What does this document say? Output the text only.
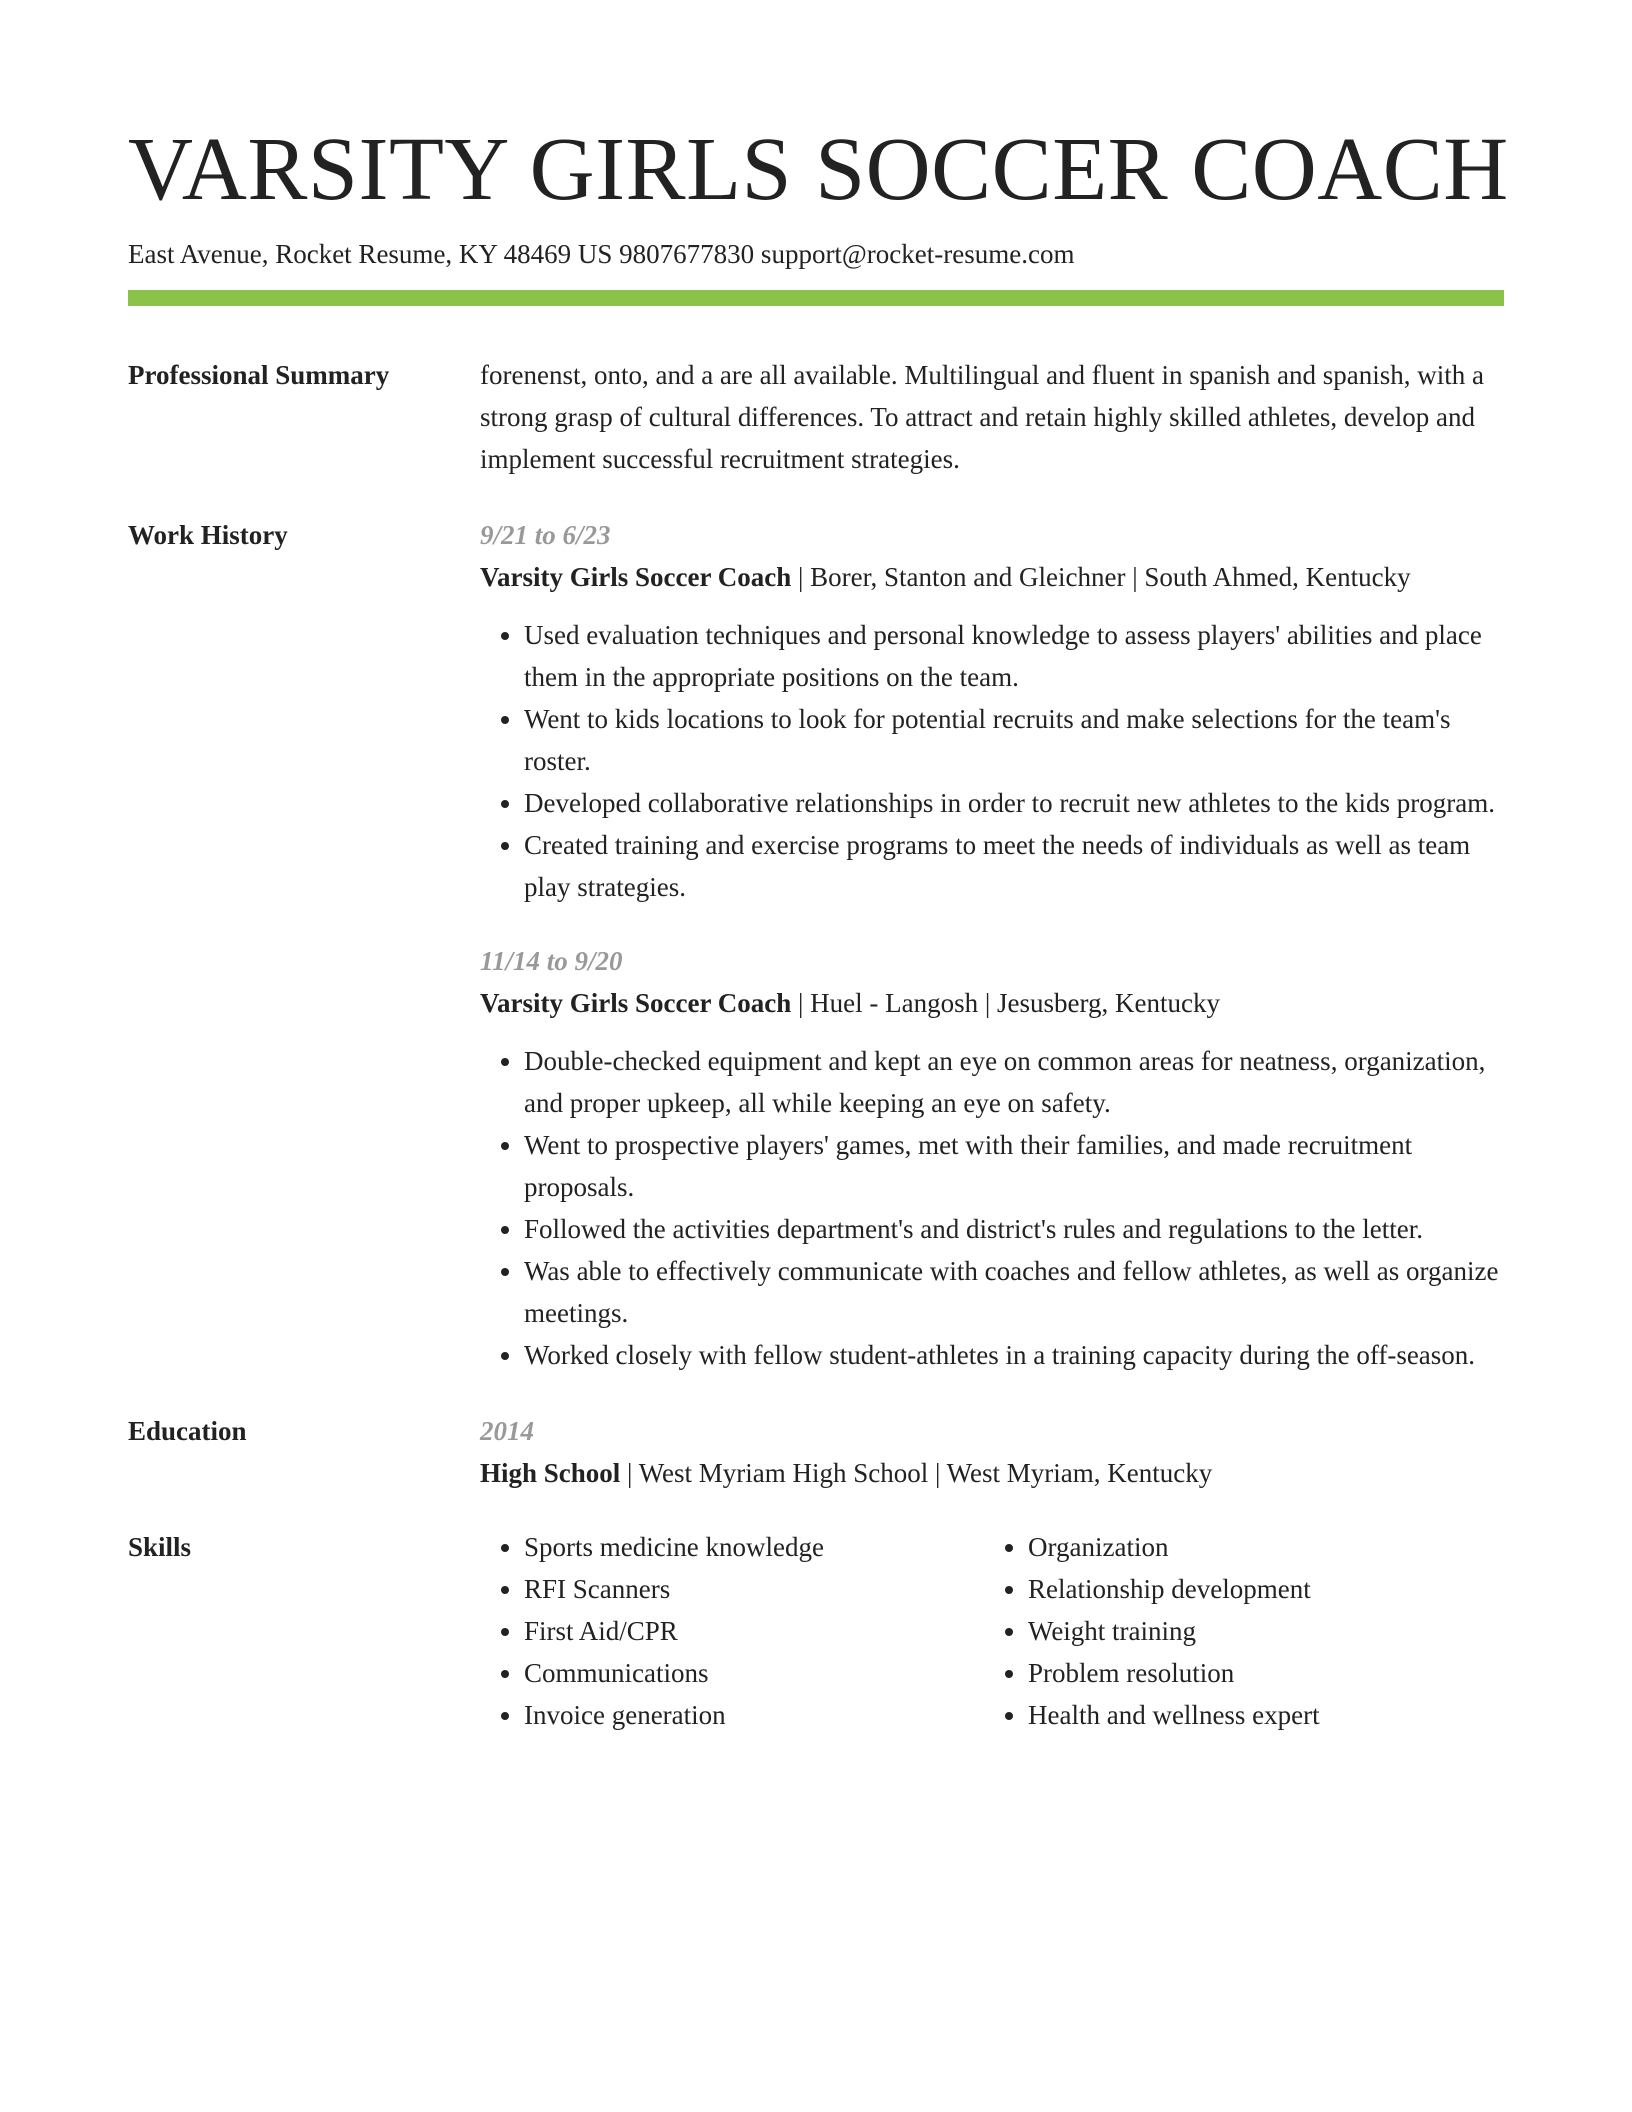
VARSITY GIRLS SOCCER COACH
East Avenue, Rocket Resume, KY 48469 US 9807677830 support@rocket-resume.com
Professional Summary	forenenst, onto, and a are all available. Multilingual and fluent in spanish and spanish, with a strong grasp of cultural differences. To attract and retain highly skilled athletes, develop and implement successful recruitment strategies.
Work History	9/21 to 6/23
Varsity Girls Soccer Coach | Borer, Stanton and Gleichner | South Ahmed, Kentucky
• Used evaluation techniques and personal knowledge to assess players' abilities and place them in the appropriate positions on the team.
• Went to kids locations to look for potential recruits and make selections for the team's roster.
• Developed collaborative relationships in order to recruit new athletes to the kids program.
• Created training and exercise programs to meet the needs of individuals as well as team play strategies.
11/14 to 9/20
Varsity Girls Soccer Coach | Huel - Langosh | Jesusberg, Kentucky
• Double-checked equipment and kept an eye on common areas for neatness, organization, and proper upkeep, all while keeping an eye on safety.
• Went to prospective players' games, met with their families, and made recruitment proposals.
• Followed the activities department's and district's rules and regulations to the letter.
• Was able to effectively communicate with coaches and fellow athletes, as well as organize meetings.
• Worked closely with fellow student-athletes in a training capacity during the off-season.
Education	2014
High School | West Myriam High School | West Myriam, Kentucky
Skills
•	Sports medicine knowledge
• RFI Scanners
• First Aid/CPR
• Communications
• Invoice generation
• Organization
• Relationship development
• Weight training
• Problem resolution
• Health and wellness expert
